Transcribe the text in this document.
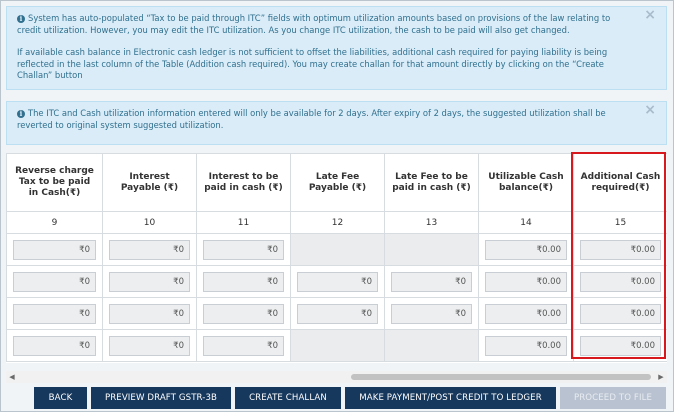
×

i System has auto-populated “Tax to be paid through ITC” fields with optimum utilization amounts based on provisions of the law relating to credit utilization. However, you may edit the ITC utilization. As you change ITC utilization, the cash to be paid will also get changed.

If available cash balance in Electronic cash ledger is not sufficient to offset the liabilities, additional cash required for paying liability is being reflected in the last column of the Table (Addition cash required). You may create challan for that amount directly by clicking on the “Create Challan” button

×

i The ITC and Cash utilization information entered will only be available for 2 days. After expiry of 2 days, the suggested utilization shall be reverted to original system suggested utilization.

Reverse charge Tax to be paid in Cash(₹)	Interest Payable (₹)	Interest to be paid in cash (₹)	Late Fee Payable (₹)	Late Fee to be paid in cash (₹)	Utilizable Cash balance(₹)	Additional Cash required(₹)
9	10	11	12	13	14	15

₹0	₹0	₹0			₹0.00	₹0.00

₹0	₹0	₹0	₹0	₹0	₹0.00	₹0.00

₹0	₹0	₹0	₹0	₹0	₹0.00	₹0.00

₹0	₹0	₹0			₹0.00	₹0.00
◀	▶
BACK	PREVIEW DRAFT GSTR-3B	CREATE CHALLAN	MAKE PAYMENT/POST CREDIT TO LEDGER	PROCEED TO FILE
